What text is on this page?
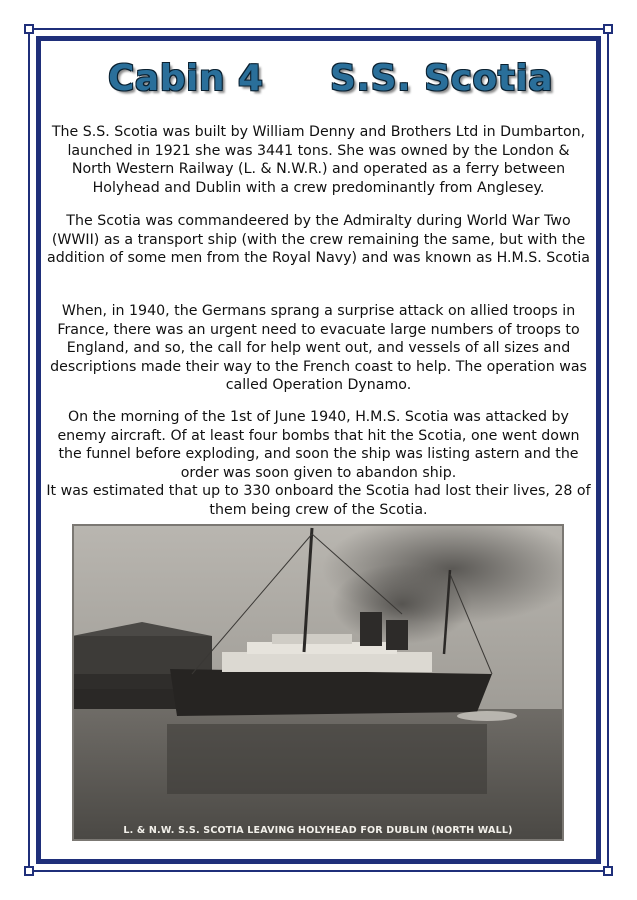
Cabin 4 S.S. Scotia

The S.S. Scotia was built by William Denny and Brothers Ltd in Dumbarton, launched in 1921 she was 3441 tons. She was owned by the London & North Western Railway (L. & N.W.R.) and operated as a ferry between Holyhead and Dublin with a crew predominantly from Anglesey.

The Scotia was commandeered by the Admiralty during World War Two (WWII) as a transport ship (with the crew remaining the same, but with the addition of some men from the Royal Navy) and was known as H.M.S. Scotia

When, in 1940, the Germans sprang a surprise attack on allied troops in France, there was an urgent need to evacuate large numbers of troops to England, and so, the call for help went out, and vessels of all sizes and descriptions made their way to the French coast to help. The operation was called Operation Dynamo.
On the morning of the 1st of June 1940, H.M.S. Scotia was attacked by enemy aircraft. Of at least four bombs that hit the Scotia, one went down the funnel before exploding, and soon the ship was listing astern and the order was soon given to abandon ship.
It was estimated that up to 330 onboard the Scotia had lost their lives, 28 of them being crew of the Scotia.
L. & N.W. S.S. SCOTIA LEAVING HOLYHEAD FOR DUBLIN (NORTH WALL)
